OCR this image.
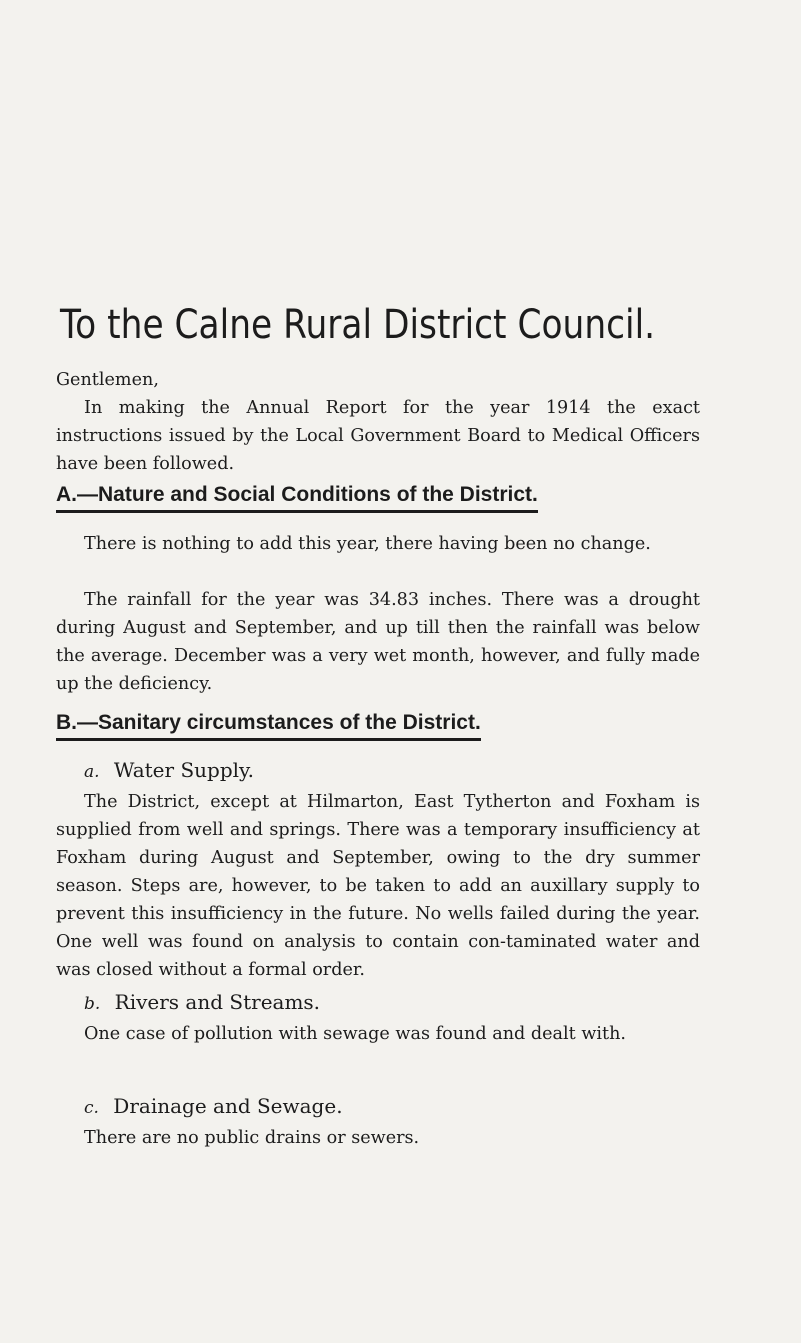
To the Calne Rural District Council.
Gentlemen,
In making the Annual Report for the year 1914 the exact instructions issued by the Local Government Board to Medical Officers have been followed.
A.—Nature and Social Conditions of the District.
There is nothing to add this year, there having been no change.
The rainfall for the year was 34.83 inches. There was a drought during August and September, and up till then the rainfall was below the average. December was a very wet month, however, and fully made up the deficiency.
B.—Sanitary circumstances of the District.
a. Water Supply.
The District, except at Hilmarton, East Tytherton and Foxham is supplied from well and springs. There was a temporary insufficiency at Foxham during August and September, owing to the dry summer season. Steps are, however, to be taken to add an auxillary supply to prevent this insufficiency in the future. No wells failed during the year. One well was found on analysis to contain con-taminated water and was closed without a formal order.
b. Rivers and Streams.
One case of pollution with sewage was found and dealt with.
c. Drainage and Sewage.
There are no public drains or sewers.
